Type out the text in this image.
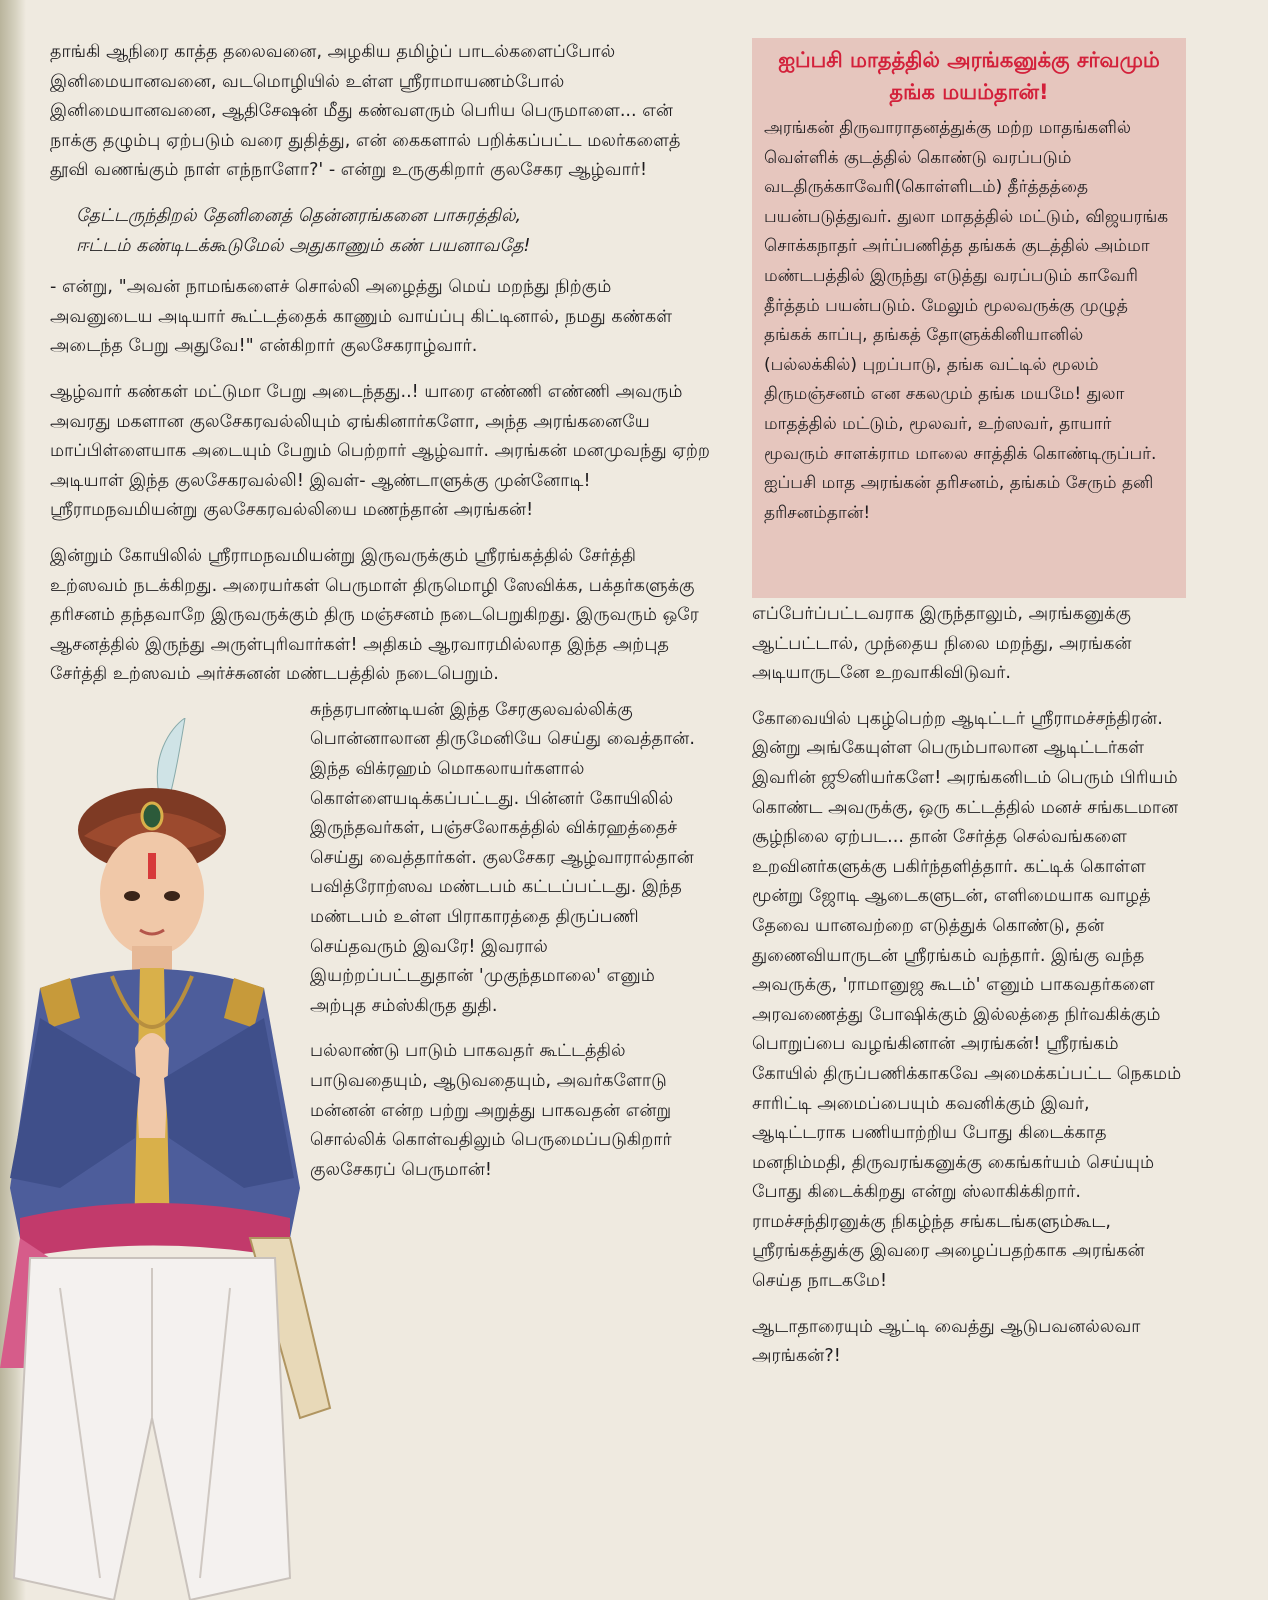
தாங்கி ஆநிரை காத்த தலைவனை, அழகிய தமிழ்ப் பாடல்களைப்போல் இனிமையானவனை, வடமொழியில் உள்ள ஸ்ரீராமாயணம்போல் இனிமையானவனை, ஆதிசேஷன் மீது கண்வளரும் பெரிய பெருமாளை... என் நாக்கு தழும்பு ஏற்படும் வரை துதித்து, என் கைகளால் பறிக்கப்பட்ட மலர்களைத் தூவி வணங்கும் நாள் எந்நாளோ?' - என்று உருகுகிறார் குலசேகர ஆழ்வார்!

தேட்டருந்திறல் தேனினைத் தென்னரங்கனை பாசுரத்தில்,
ஈட்டம் கண்டிடக்கூடுமேல் அதுகாணும் கண் பயனாவதே!

- என்று, "அவன் நாமங்களைச் சொல்லி அழைத்து மெய் மறந்து நிற்கும் அவனுடைய அடியார் கூட்டத்தைக் காணும் வாய்ப்பு கிட்டினால், நமது கண்கள் அடைந்த பேறு அதுவே!" என்கிறார் குலசேகராழ்வார்.

ஆழ்வார் கண்கள் மட்டுமா பேறு அடைந்தது..! யாரை எண்ணி எண்ணி அவரும் அவரது மகளான குலசேகரவல்லியும் ஏங்கினார்களோ, அந்த அரங்கனையே மாப்பிள்ளையாக அடையும் பேறும் பெற்றார் ஆழ்வார். அரங்கன் மனமுவந்து ஏற்ற அடியாள் இந்த குலசேகரவல்லி! இவள்- ஆண்டாளுக்கு முன்னோடி! ஸ்ரீராமநவமியன்று குலசேகரவல்லியை மணந்தான் அரங்கன்!

இன்றும் கோயிலில் ஸ்ரீராமநவமியன்று இருவருக்கும் ஸ்ரீரங்கத்தில் சேர்த்தி உற்ஸவம் நடக்கிறது. அரையர்கள் பெருமாள் திருமொழி ஸேவிக்க, பக்தர்களுக்கு தரிசனம் தந்தவாறே இருவருக்கும் திரு மஞ்சனம் நடைபெறுகிறது. இருவரும் ஒரே ஆசனத்தில் இருந்து அருள்புரிவார்கள்! அதிகம் ஆரவாரமில்லாத இந்த அற்புத சேர்த்தி உற்ஸவம் அர்ச்சுனன் மண்டபத்தில் நடைபெறும்.

சுந்தரபாண்டியன் இந்த சேரகுலவல்லிக்கு பொன்னாலான திருமேனியே செய்து வைத்தான். இந்த விக்ரஹம் மொகலாயர்களால் கொள்ளையடிக்கப்பட்டது. பின்னர் கோயிலில் இருந்தவர்கள், பஞ்சலோகத்தில் விக்ரஹத்தைச் செய்து வைத்தார்கள். குலசேகர ஆழ்வாரால்தான் பவித்ரோற்ஸவ மண்டபம் கட்டப்பட்டது. இந்த மண்டபம் உள்ள பிராகாரத்தை திருப்பணி செய்தவரும் இவரே! இவரால் இயற்றப்பட்டதுதான் 'முகுந்தமாலை' எனும் அற்புத சம்ஸ்கிருத துதி.

பல்லாண்டு பாடும் பாகவதர் கூட்டத்தில் பாடுவதையும், ஆடுவதையும், அவர்களோடு மன்னன் என்ற பற்று அறுத்து பாகவதன் என்று சொல்லிக் கொள்வதிலும் பெருமைப்படுகிறார் குலசேகரப் பெருமான்!

ஐப்பசி மாதத்தில் அரங்கனுக்கு சர்வமும் தங்க மயம்தான்!
அரங்கன் திருவாராதனத்துக்கு மற்ற மாதங்களில் வெள்ளிக் குடத்தில் கொண்டு வரப்படும் வடதிருக்காவேரி(கொள்ளிடம்) தீர்த்தத்தை பயன்படுத்துவர். துலா மாதத்தில் மட்டும், விஜயரங்க சொக்கநாதர் அர்ப்பணித்த தங்கக் குடத்தில் அம்மா மண்டபத்தில் இருந்து எடுத்து வரப்படும் காவேரி தீர்த்தம் பயன்படும். மேலும் மூலவருக்கு முழுத் தங்கக் காப்பு, தங்கத் தோளுக்கினியானில் (பல்லக்கில்) புறப்பாடு, தங்க வட்டில் மூலம் திருமஞ்சனம் என சகலமும் தங்க மயமே! துலா மாதத்தில் மட்டும், மூலவர், உற்ஸவர், தாயார் மூவரும் சாளக்ராம மாலை சாத்திக் கொண்டிருப்பர். ஐப்பசி மாத அரங்கன் தரிசனம், தங்கம் சேரும் தனி தரிசனம்தான்!

எப்பேர்ப்பட்டவராக இருந்தாலும், அரங்கனுக்கு ஆட்பட்டால், முந்தைய நிலை மறந்து, அரங்கன் அடியாருடனே உறவாகிவிடுவர்.

கோவையில் புகழ்பெற்ற ஆடிட்டர் ஸ்ரீராமச்சந்திரன். இன்று அங்கேயுள்ள பெரும்பாலான ஆடிட்டர்கள் இவரின் ஜூனியர்களே! அரங்கனிடம் பெரும் பிரியம் கொண்ட அவருக்கு, ஒரு கட்டத்தில் மனச் சங்கடமான சூழ்நிலை ஏற்பட... தான் சேர்த்த செல்வங்களை உறவினர்களுக்கு பகிர்ந்தளித்தார். கட்டிக் கொள்ள மூன்று ஜோடி ஆடைகளுடன், எளிமையாக வாழத் தேவை யானவற்றை எடுத்துக் கொண்டு, தன் துணைவியாருடன் ஸ்ரீரங்கம் வந்தார். இங்கு வந்த அவருக்கு, 'ராமானுஜ கூடம்' எனும் பாகவதர்களை அரவணைத்து போஷிக்கும் இல்லத்தை நிர்வகிக்கும் பொறுப்பை வழங்கினான் அரங்கன்! ஸ்ரீரங்கம் கோயில் திருப்பணிக்காகவே அமைக்கப்பட்ட நெகமம் சாரிட்டி அமைப்பையும் கவனிக்கும் இவர், ஆடிட்டராக பணியாற்றிய போது கிடைக்காத மனநிம்மதி, திருவரங்கனுக்கு கைங்கர்யம் செய்யும் போது கிடைக்கிறது என்று ஸ்லாகிக்கிறார். ராமச்சந்திரனுக்கு நிகழ்ந்த சங்கடங்களும்கூட, ஸ்ரீரங்கத்துக்கு இவரை அழைப்பதற்காக அரங்கன் செய்த நாடகமே!

ஆடாதாரையும் ஆட்டி வைத்து ஆடுபவனல்லவா அரங்கன்?!
